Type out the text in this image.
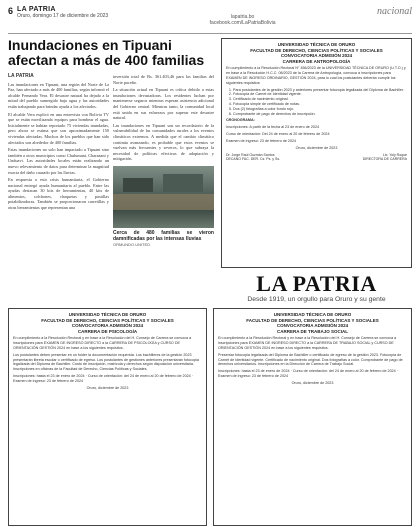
6 LA PATRIA
Oruro, domingo 17 de diciembre de 2023	lapatria.bo
facebook.com/LaPatriaBolivia
nacional
Inundaciones en Tipuani afectan a más de 400 familias
LA PATRIA

Las inundaciones en Tipuani, una región del Norte de La Paz, han afectado a más de 400 familias, según informó el alcalde Fernando Vera. El desastre natural ha dejado a la mitad del pueblo sumergido bajo agua y las autoridades están trabajando para brindar ayuda a los afectados.

El alcalde Vera explicó en una entrevista con Bolivia TV que se están movilizando equipos para bombear el agua. Inicialmente se habían reportado 75 viviendas inundadas, pero ahora se estima que son aproximadamente 150 viviendas afectadas. Muchos de los pueblos que han sido afectados son alrededor de 400 familias.

Estas inundaciones no solo han impactado a Tipuani sino también a otros municipios como Chulumani, Charazani y Unduavi. Las autoridades locales están realizando un nuevo relevamiento de datos para determinar la magnitud exacta del daño causado por las lluvias.

En respuesta a esta crisis humanitaria, el Gobierno nacional entregó ayuda humanitaria al pueblo. Entre las ayudas destacan 30 kits de herramientas, 40 kits de alimentos, colchones, chaquetas y pastillas potabilizadoras. También se proporcionaron carretillas y otras herramientas que representan una

inversión total de Bs. 361.403,46 para las familias del Norte paceño.

La situación actual en Tipuani es crítica debido a estas inundaciones devastadoras. Los residentes luchan por mantenerse seguros mientras esperan asistencia adicional del Gobierno central. Mientras tanto, la comunidad local está unida en sus esfuerzos por superar este desastre natural.

Las inundaciones en Tipuani son un recordatorio de la vulnerabilidad de las comunidades rurales a los eventos climáticos extremos. A medida que el cambio climático continúa avanzando, es probable que estos eventos se vuelvan más frecuentes y severos, lo que subraya la necesidad de políticas efectivas de adaptación y mitigación.

Cerca de 480 familias se vieron damnificadas por las intensas lluvias
ORMUNDO.UNITED
UNIVERSIDAD TÉCNICA DE ORURO
FACULTAD DE DERECHO, CIENCIAS POLÍTICAS Y SOCIALES
CONVOCATORIA ADMISIÓN 2024
CARRERA DE ANTROPOLOGÍA
En cumplimiento a la Resolución Rectoral N° 456/2023 de la UNIVERSIDAD TÉCNICA DE ORURO (U.T.O.) y en base a la Resolución H.C.C. 08/2023 de la Carrera de Antropología, convoca a inscripciones para EXAMEN DE INGRESO ORDINARIO, GESTIÓN 2024, para lo cual los postulantes deberán cumplir los siguientes requisitos:
1. Para postulantes de la gestión 2023 y anteriores presentar fotocopia legalizada del Diploma de Bachiller.
2. Fotocopia de Carnet de Identidad vigente.
3. Certificado de nacimiento original.
4. Fotocopia simple de certificado de notas.
5. Dos (2) fotografías a color fondo rojo.
6. Comprobante de pago de derechos de inscripción.
CRONOGRAMA:
Inscripciones: A partir de la fecha al 23 de enero de 2024
Curso de orientación: Del 24 de enero al 20 de febrero de 2024
Examen de ingreso: 23 de febrero de 2024
Oruro, diciembre de 2023
Dr. Jorge Raúl Guzmán Santos
DECANO FAC. DER. Cs. Ps. y Ss.
Lic. Yoly Roque
DIRECTORA DE CARRERA
LA PATRIA
Desde 1919, un orgullo para Oruro y su gente
UNIVERSIDAD TÉCNICA DE ORURO
FACULTAD DE DERECHO, CIENCIAS POLÍTICAS Y SOCIALES
CONVOCATORIA ADMISIÓN 2024
CARRERA DE PSICOLOGÍA
En cumplimiento a la Resolución Rectoral y en base a la Resolución del H. Consejo de Carrera se convoca a inscripciones para EXAMEN DE INGRESO DIRECTO a la CARRERA DE PSICOLOGÍA y CURSO DE ORIENTACIÓN GESTIÓN 2024 en base a los siguientes requisitos.
Los postulantes deben presentar en un folder la documentación requerida. Los bachilleres de la gestión 2023 presentarán libreta escolar o certificado de egreso. Los postulantes de gestiones anteriores presentarán fotocopia legalizada del Diploma de Bachiller. Costo de inscripción, matrícula y derechos según disposición universitaria. Inscripciones en oficinas de la Facultad de Derecho, Ciencias Políticas y Sociales.
Inscripciones: hasta el 23 de enero de 2024 · Curso de orientación: del 24 de enero al 20 de febrero de 2024 · Examen de ingreso: 23 de febrero de 2024
Oruro, diciembre de 2023
UNIVERSIDAD TÉCNICA DE ORURO
FACULTAD DE DERECHO, CIENCIAS POLÍTICAS Y SOCIALES
CONVOCATORIA ADMISIÓN 2024
CARRERA DE TRABAJO SOCIAL
En cumplimiento a la Resolución Rectoral y en base a la Resolución del H. Consejo de Carrera se convoca a inscripciones para EXAMEN DE INGRESO DIRECTO a la CARRERA DE TRABAJO SOCIAL y CURSO DE ORIENTACIÓN GESTIÓN 2024 en base a los siguientes requisitos.
Presentar fotocopia legalizada del Diploma de Bachiller o certificado de egreso de la gestión 2023. Fotocopia de Carnet de Identidad vigente. Certificado de nacimiento original. Dos fotografías a color. Comprobante de pago de derechos universitarios. Inscripciones en la Dirección de Carrera de Trabajo Social.
Inscripciones: hasta el 23 de enero de 2024 · Curso de orientación: del 24 de enero al 20 de febrero de 2024 · Examen de ingreso: 23 de febrero de 2024
Oruro, diciembre de 2023
